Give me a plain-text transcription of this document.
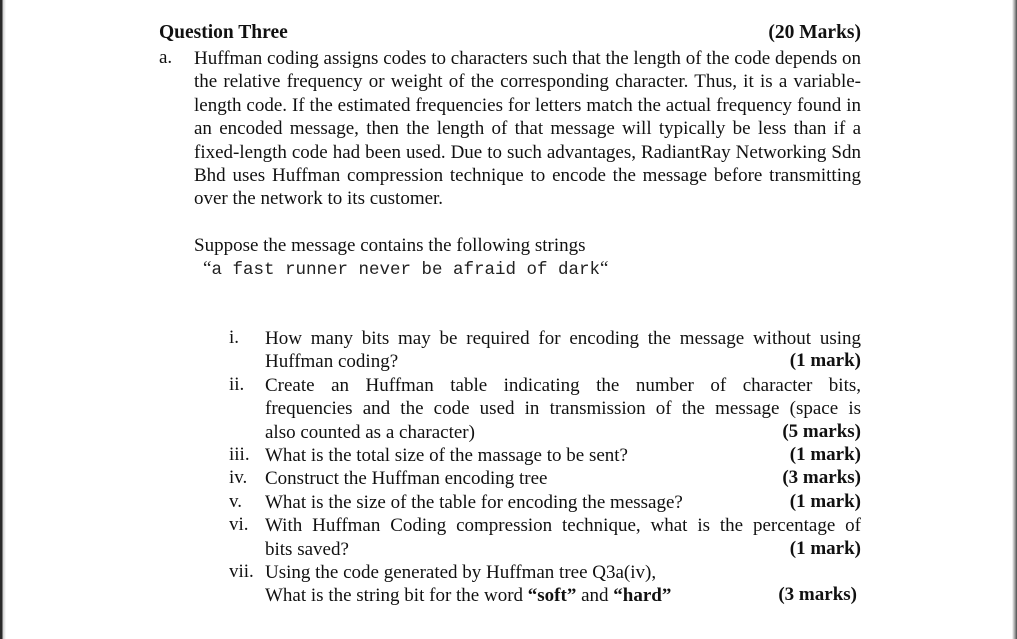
Question Three	(20 Marks)
a. Huffman coding assigns codes to characters such that the length of the code depends on the relative frequency or weight of the corresponding character. Thus, it is a variable-length code. If the estimated frequencies for letters match the actual frequency found in an encoded message, then the length of that message will typically be less than if a fixed-length code had been used. Due to such advantages, RadiantRay Networking Sdn Bhd uses Huffman compression technique to encode the message before transmitting over the network to its customer.
Suppose the message contains the following strings
“a fast runner never be afraid of dark“
i. How many bits may be required for encoding the message without using
Huffman coding?	(1 mark)
ii. Create an Huffman table indicating the number of character bits,
frequencies and the code used in transmission of the message (space is
also counted as a character)	(5 marks)
iii. What is the total size of the massage to be sent?	(1 mark)
iv. Construct the Huffman encoding tree	(3 marks)
v. What is the size of the table for encoding the message?	(1 mark)
vi. With Huffman Coding compression technique, what is the percentage of
bits saved?	(1 mark)
vii. Using the code generated by Huffman tree Q3a(iv),
What is the string bit for the word “soft” and “hard”	(3 marks)
